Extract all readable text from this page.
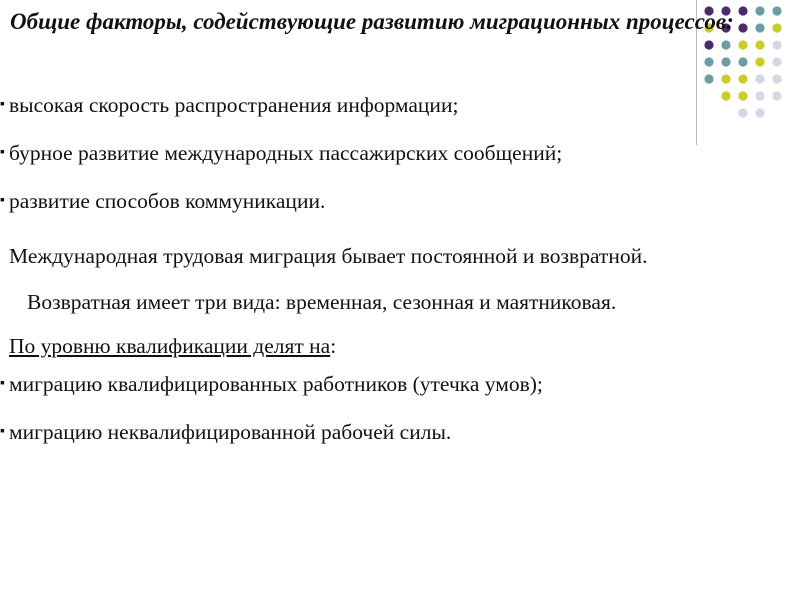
Общие факторы, содействующие развитию миграционных процессов:
▪ высокая скорость распространения информации;
▪ бурное развитие международных пассажирских сообщений;
▪ развитие способов коммуникации.
Международная трудовая миграция бывает постоянной и возвратной.
Возвратная имеет три вида: временная, сезонная и маятниковая.
По уровню квалификации делят на:
▪ миграцию квалифицированных работников (утечка умов);
▪ миграцию неквалифицированной рабочей силы.
